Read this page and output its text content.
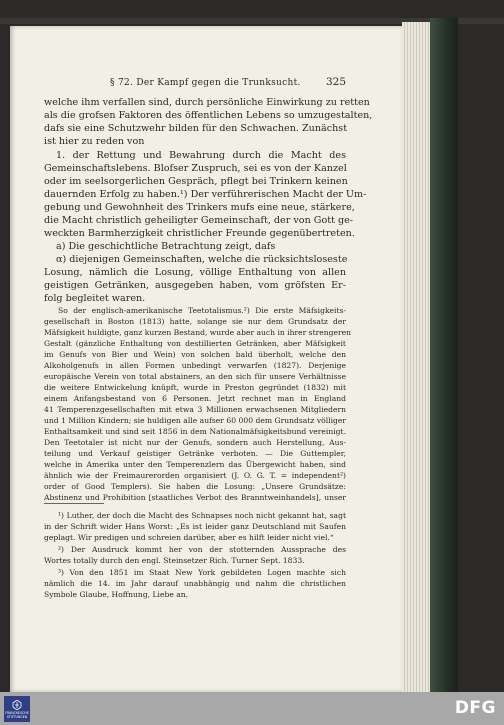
§ 72. Der Kampf gegen die Trunksucht. 325
welche ihm verfallen sind, durch persönliche Einwirkung zu retten
als die grofsen Faktoren des öffentlichen Lebens so umzugestalten,
dafs sie eine Schutzwehr bilden für den Schwachen. Zunächst
ist hier zu reden von
1. der Rettung und Bewahrung durch die Macht des
Gemeinschaftslebens. Blofser Zuspruch, sei es von der Kanzel
oder im seelsorgerlichen Gespräch, pflegt bei Trinkern keinen
dauernden Erfolg zu haben.¹) Der verführerischen Macht der Um-
gebung und Gewohnheit des Trinkers mufs eine neue, stärkere,
die Macht christlich geheiligter Gemeinschaft, der von Gott ge-
weckten Barmherzigkeit christlicher Freunde gegenübertreten.
a) Die geschichtliche Betrachtung zeigt, dafs
α) diejenigen Gemeinschaften, welche die rücksichtsloseste
Losung, nämlich die Losung, völlige Enthaltung von allen
geistigen Getränken, ausgegeben haben, vom gröfsten Er-
folg begleitet waren.
So der englisch-amerikanische Teetotalismus.²) Die erste Mäfsigkeits-
gesellschaft in Boston (1813) hatte, solange sie nur dem Grundsatz der
Mäfsigkeit huldigte, ganz kurzen Bestand, wurde aber auch in ihrer strengeren
Gestalt (gänzliche Enthaltung von destillierten Getränken, aber Mäfsigkeit
im Genufs von Bier und Wein) von solchen bald überholt, welche den
Alkoholgenufs in allen Formen unbedingt verwarfen (1827). Derjenige
europäische Verein von total abstainers, an den sich für unsere Verhältnisse
die weitere Entwickelung knüpft, wurde in Preston gegründet (1832) mit
einem Anfangsbestand von 6 Personen. Jetzt rechnet man in England
41 Temperenzgesellschaften mit etwa 3 Millionen erwachsenen Mitgliedern
und 1 Million Kindern; sie huldigen alle aufser 60 000 dem Grundsatz völliger
Enthaltsamkeit und sind seit 1856 in dem Nationalmäfsigkeitsbund vereinigt.
Den Teetotaler ist nicht nur der Genufs, sondern auch Herstellung, Aus-
teilung und Verkauf geistiger Getränke verboten. — Die Guttempler,
welche in Amerika unter den Temperenzlern das Übergewicht haben, sind
ähnlich wie der Freimaurerorden organisiert (J. O. G. T. = independent²)
order of Good Templers). Sie haben die Losung: „Unsere Grundsätze:
Abstinenz und Prohibition [staatliches Verbot des Branntweinhandels], unser
¹) Luther, der doch die Macht des Schnapses noch nicht gekannt hat, sagt
in der Schrift wider Hans Worst: „Es ist leider ganz Deutschland mit Saufen
geplagt. Wir predigen und schreien darüber, aber es hilft leider nicht viel.“
²) Der Ausdruck kommt her von der stotternden Aussprache des
Wortes totally durch den engl. Steinsetzer Rich. Turner Sept. 1833.
³) Von den 1851 im Staat New York gebildeten Logen machte sich
nämlich die 14. im Jahr darauf unabhängig und nahm die christlichen
Symbole Glaube, Hoffnung, Liebe an.
FRANCKESCHE
STIFTUNGEN	DFG
